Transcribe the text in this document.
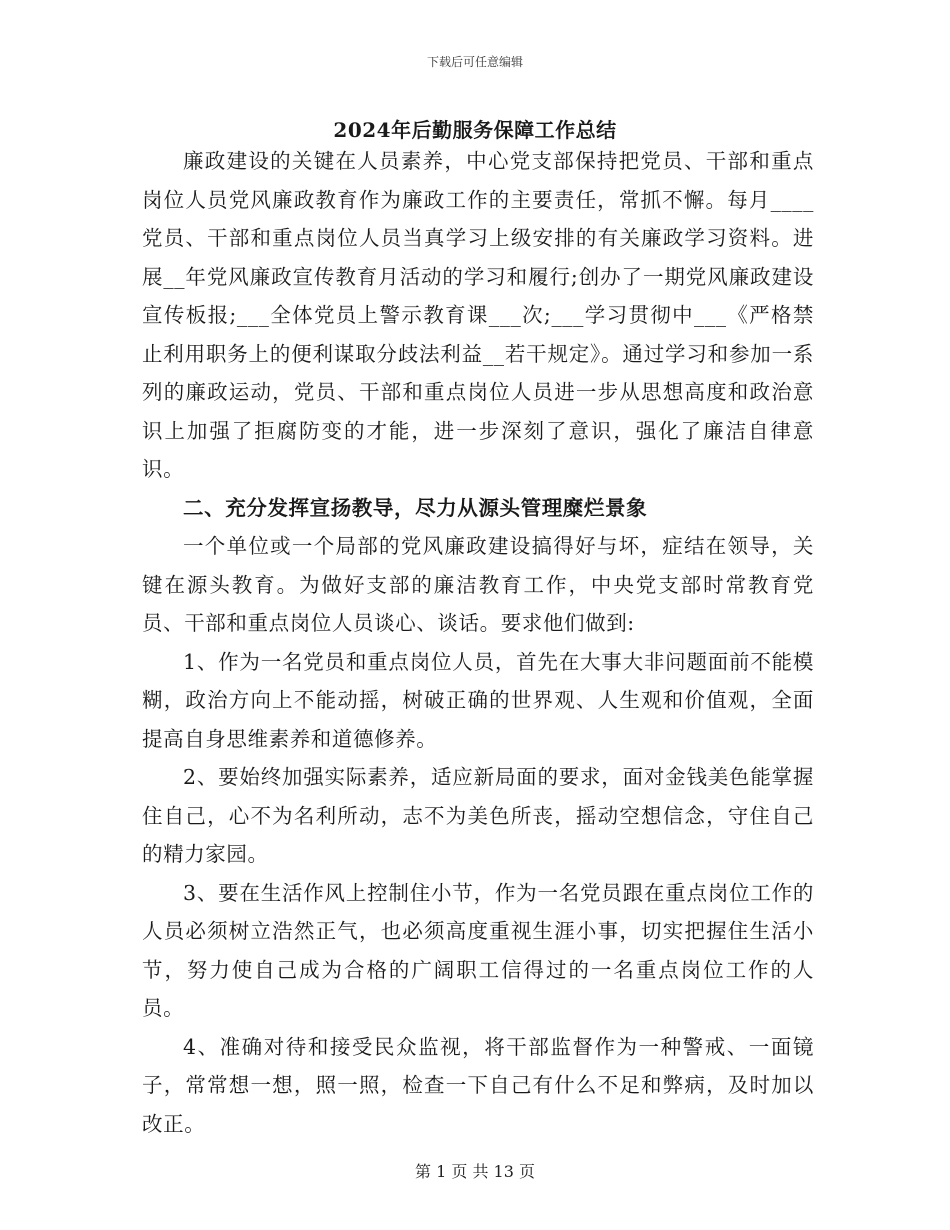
下载后可任意编辑
2024年后勤服务保障工作总结

廉政建设的关键在人员素养，中心党支部保持把党员、干部和重点岗位人员党风廉政教育作为廉政工作的主要责任，常抓不懈。每月____党员、干部和重点岗位人员当真学习上级安排的有关廉政学习资料。进展__年党风廉政宣传教育月活动的学习和履行;创办了一期党风廉政建设宣传板报;___全体党员上警示教育课___次;___学习贯彻中___《严格禁止利用职务上的便利谋取分歧法利益__若干规定》。通过学习和参加一系列的廉政运动，党员、干部和重点岗位人员进一步从思想高度和政治意识上加强了拒腐防变的才能，进一步深刻了意识，强化了廉洁自律意识。

二、充分发挥宣扬教导，尽力从源头管理糜烂景象

一个单位或一个局部的党风廉政建设搞得好与坏，症结在领导，关键在源头教育。为做好支部的廉洁教育工作，中央党支部时常教育党员、干部和重点岗位人员谈心、谈话。要求他们做到:

1、作为一名党员和重点岗位人员，首先在大事大非问题面前不能模糊，政治方向上不能动摇，树破正确的世界观、人生观和价值观，全面提高自身思维素养和道德修养。

2、要始终加强实际素养，适应新局面的要求，面对金钱美色能掌握住自己，心不为名利所动，志不为美色所丧，摇动空想信念，守住自己的精力家园。

3、要在生活作风上控制住小节，作为一名党员跟在重点岗位工作的人员必须树立浩然正气，也必须高度重视生涯小事，切实把握住生活小节，努力使自己成为合格的广阔职工信得过的一名重点岗位工作的人员。

4、准确对待和接受民众监视，将干部监督作为一种警戒、一面镜子，常常想一想，照一照，检查一下自己有什么不足和弊病，及时加以改正。

第 1 页 共 13 页
